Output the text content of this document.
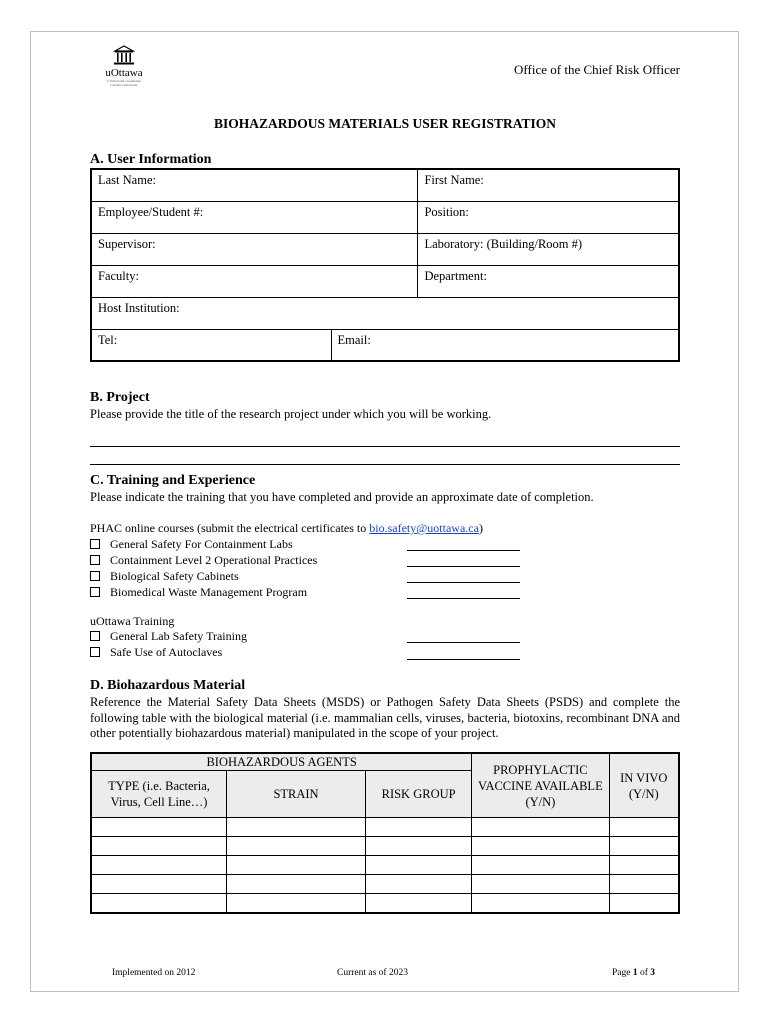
uOttawa
L'Université canadienne
Canada's university
Office of the Chief Risk Officer
BIOHAZARDOUS MATERIALS USER REGISTRATION
A. User Information
Last Name:		First Name:
Employee/Student #:		Position:
Supervisor:		Laboratory: (Building/Room #)
Faculty:		Department:
Host Institution:		
Tel:	Email:	
B. Project
Please provide the title of the research project under which you will be working.
C. Training and Experience
Please indicate the training that you have completed and provide an approximate date of completion.
PHAC online courses (submit the electrical certificates to bio.safety@uottawa.ca)
General Safety For Containment Labs
Containment Level 2 Operational Practices
Biological Safety Cabinets
Biomedical Waste Management Program
uOttawa Training
General Lab Safety Training
Safe Use of Autoclaves
D. Biohazardous Material
Reference the Material Safety Data Sheets (MSDS) or Pathogen Safety Data Sheets (PSDS) and complete the following table with the biological material (i.e. mammalian cells, viruses, bacteria, biotoxins, recombinant DNA and other potentially biohazardous material) manipulated in the scope of your project.
BIOHAZARDOUS AGENTS			PROPHYLACTIC VACCINE AVAILABLE (Y/N)	IN VIVO (Y/N)
TYPE (i.e. Bacteria, Virus, Cell Line…)	STRAIN	RISK GROUP		

Implemented on 2012	Current as of 2023	Page 1 of 3
